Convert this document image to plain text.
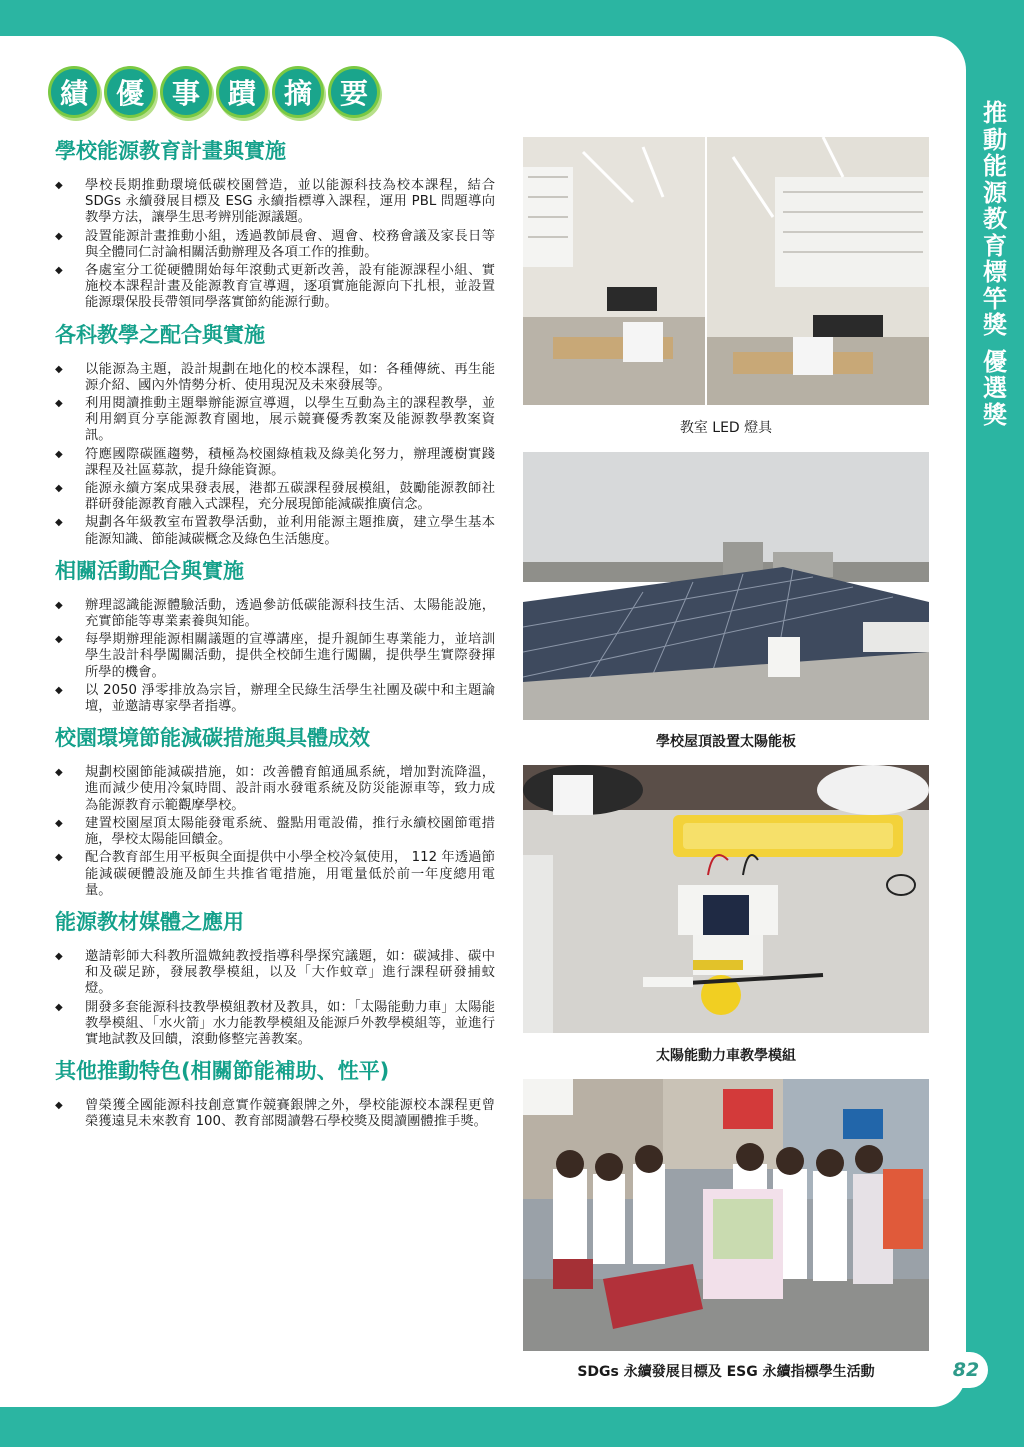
推
動
能
源
教
育
標
竿
獎
優
選
獎
82
績 優 事 蹟 摘 要
學校能源教育計畫與實施
◆ 學校長期推動環境低碳校園營造，並以能源科技為校本課程，結合 SDGs 永續發展目標及 ESG 永續指標導入課程，運用 PBL 問題導向教學方法，讓學生思考辨別能源議題。
◆ 設置能源計畫推動小組，透過教師晨會、週會、校務會議及家長日等與全體同仁討論相關活動辦理及各項工作的推動。
◆ 各處室分工從硬體開始每年滾動式更新改善，設有能源課程小組、實施校本課程計畫及能源教育宣導週，逐項實施能源向下扎根，並設置能源環保股長帶領同學落實節約能源行動。
各科教學之配合與實施
◆ 以能源為主題，設計規劃在地化的校本課程，如：各種傳統、再生能源介紹、國內外情勢分析、使用現況及未來發展等。
◆ 利用閱讀推動主題舉辦能源宣導週，以學生互動為主的課程教學，並利用網頁分享能源教育園地，展示競賽優秀教案及能源教學教案資訊。
◆ 符應國際碳匯趨勢，積極為校園綠植栽及綠美化努力，辦理護樹實踐課程及社區募款，提升綠能資源。
◆ 能源永續方案成果發表展，港都五碳課程發展模組，鼓勵能源教師社群研發能源教育融入式課程，充分展現節能減碳推廣信念。
◆ 規劃各年級教室布置教學活動，並利用能源主題推廣，建立學生基本能源知識、節能減碳概念及綠色生活態度。
相關活動配合與實施
◆ 辦理認識能源體驗活動，透過參訪低碳能源科技生活、太陽能設施，充實節能等專業素養與知能。
◆ 每學期辦理能源相關議題的宣導講座，提升親師生專業能力，並培訓學生設計科學闖關活動，提供全校師生進行闖關，提供學生實際發揮所學的機會。
◆ 以 2050 淨零排放為宗旨，辦理全民綠生活學生社團及碳中和主題論壇，並邀請專家學者指導。
校園環境節能減碳措施與具體成效
◆ 規劃校園節能減碳措施，如：改善體育館通風系統，增加對流降溫，進而減少使用冷氣時間、設計雨水發電系統及防災能源車等，致力成為能源教育示範觀摩學校。
◆ 建置校園屋頂太陽能發電系統、盤點用電設備，推行永續校園節電措施，學校太陽能回饋金。
◆ 配合教育部生用平板與全面提供中小學全校冷氣使用， 112 年透過節能減碳硬體設施及師生共推省電措施，用電量低於前一年度總用電量。
能源教材媒體之應用
◆ 邀請彰師大科教所溫媺純教授指導科學探究議題，如：碳減排、碳中和及碳足跡，發展教學模組，以及「大作蚊章」進行課程研發捕蚊燈。
◆ 開發多套能源科技教學模組教材及教具，如：「太陽能動力車」太陽能教學模組、「水火箭」水力能教學模組及能源戶外教學模組等，並進行實地試教及回饋，滾動修整完善教案。
其他推動特色(相關節能補助、性平)
◆ 曾榮獲全國能源科技創意實作競賽銀牌之外，學校能源校本課程更曾榮獲遠見未來教育 100、教育部閱讀磐石學校獎及閱讀團體推手獎。
教室 LED 燈具
學校屋頂設置太陽能板
太陽能動力車教學模組
SDGs 永續發展目標及 ESG 永續指標學生活動
